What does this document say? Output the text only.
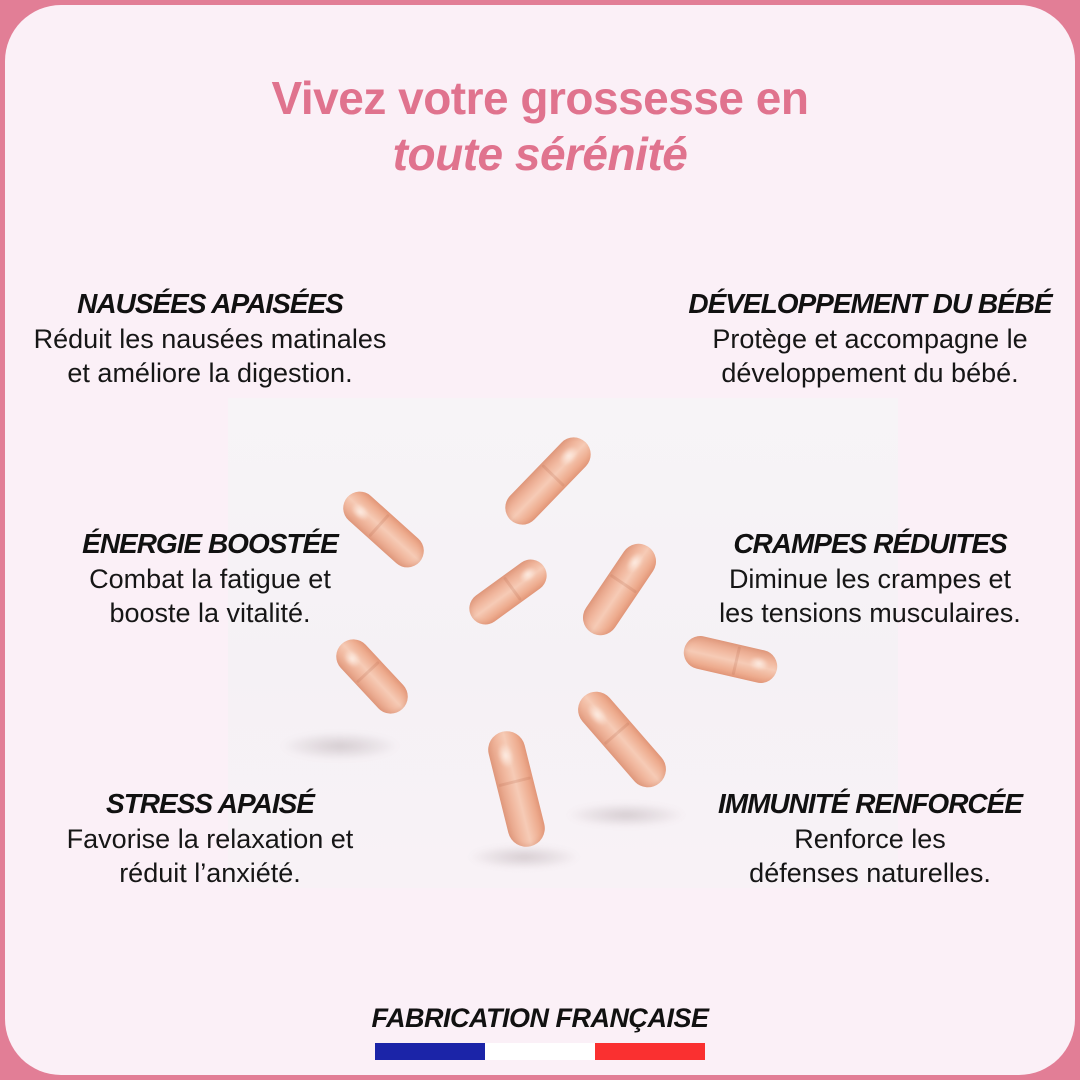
Vivez votre grossesse en
toute sérénité
NAUSÉES APAISÉES
Réduit les nausées matinales
et améliore la digestion.
DÉVELOPPEMENT DU BÉBÉ
Protège et accompagne le
développement du bébé.
ÉNERGIE BOOSTÉE
Combat la fatigue et
booste la vitalité.
CRAMPES RÉDUITES
Diminue les crampes et
les tensions musculaires.
STRESS APAISÉ
Favorise la relaxation et
réduit l’anxiété.
IMMUNITÉ RENFORCÉE
Renforce les
défenses naturelles.
FABRICATION FRANÇAISE
